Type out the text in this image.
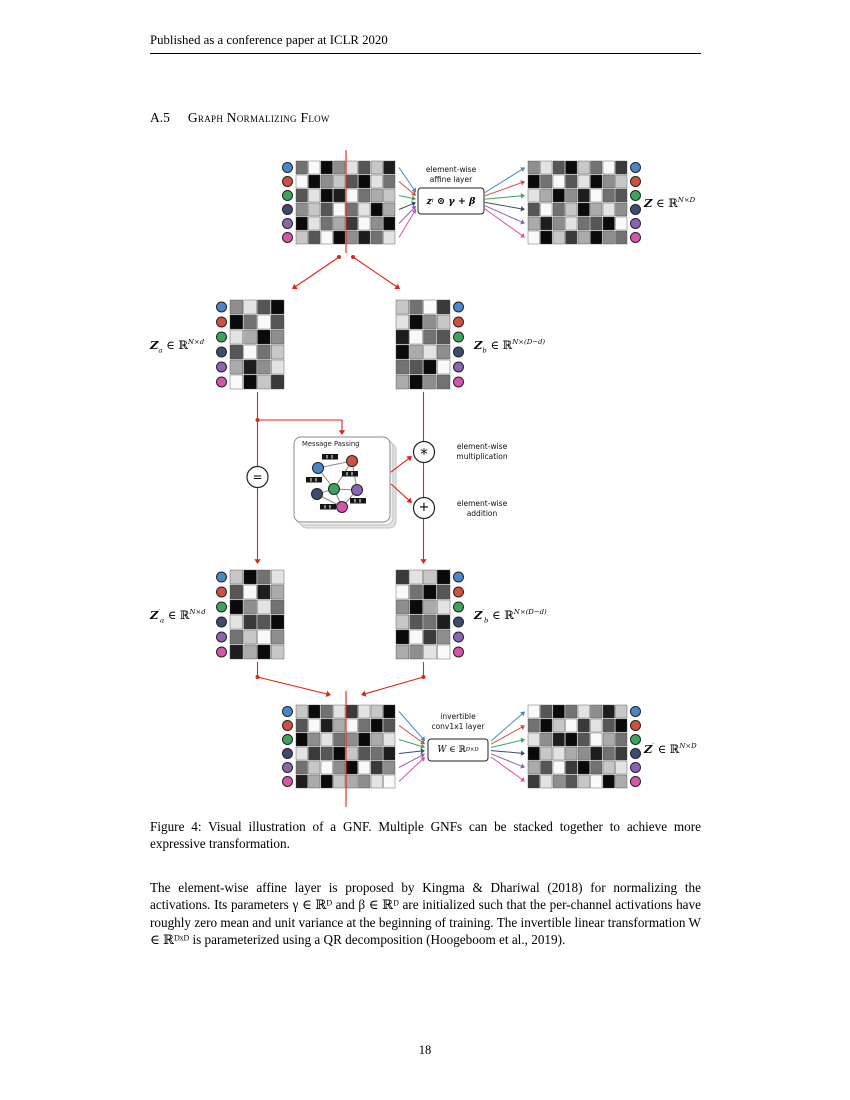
Published as a conference paper at ICLR 2020
A.5 Graph Normalizing Flow
element-wise
affine layer
z i ⊙ γ + β	Z ∈ ℝ$^{N\times D}$
$Z_a$ ∈ ℝ$^{N\times d}$	$Z_b$ ∈ ℝ$^{N\times(D-d)}$
Message Passing	element-wise
multiplication
element-wise
addition
=
*
+
$Z'_a$ ∈ ℝ$^{N\times d}$	$Z'_b$ ∈ ℝ$^{N\times(D-d)}$
invertible
conv1x1 layer
W ∈ ℝ D×D	Z′ ∈ ℝ$^{N\times D}$
Figure 4: Visual illustration of a GNF. Multiple GNFs can be stacked together to achieve more expressive transformation.
The element-wise affine layer is proposed by Kingma & Dhariwal (2018) for normalizing the activations. Its parameters γ ∈ ℝᴰ and β ∈ ℝᴰ are initialized such that the per-channel activations have roughly zero mean and unit variance at the beginning of training. The invertible linear transformation W ∈ ℝᴰˣᴰ is parameterized using a QR decomposition (Hoogeboom et al., 2019).
18
